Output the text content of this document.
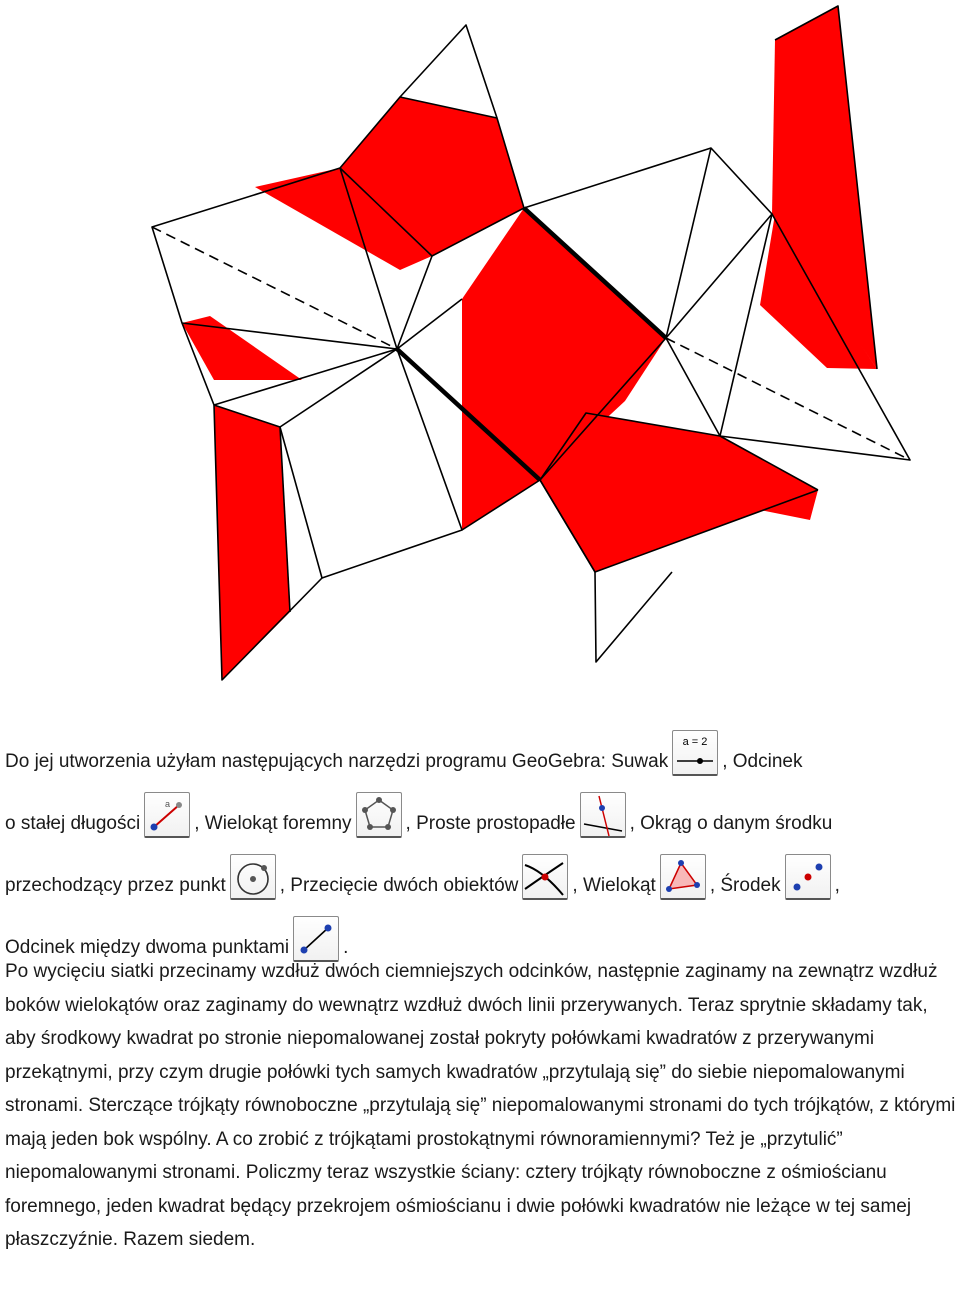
Do jej utworzenia użyłam następujących narzędzi programu GeoGebra: Suwak
a = 2
, Odcinek
o stałej długości
a
, Wielokąt foremny	, Proste prostopadłe	, Okrąg o danym środku
przechodzący przez punkt	, Przecięcie dwóch obiektów	, Wielokąt	, Środek	,
Odcinek między dwoma punktami	.

Po wycięciu siatki przecinamy wzdłuż dwóch ciemniejszych odcinków, następnie zaginamy na zewnątrz wzdłuż boków wielokątów oraz zaginamy do wewnątrz wzdłuż dwóch linii przerywanych. Teraz sprytnie składamy tak, aby środkowy kwadrat po stronie niepomalowanej został pokryty połówkami kwadratów z przerywanymi przekątnymi, przy czym drugie połówki tych samych kwadratów „przytulają się” do siebie niepomalowanymi stronami. Sterczące trójkąty równoboczne „przytulają się” niepomalowanymi stronami do tych trójkątów, z którymi mają jeden bok wspólny. A co zrobić z trójkątami prostokątnymi równoramiennymi? Też je „przytulić” niepomalowanymi stronami. Policzmy teraz wszystkie ściany: cztery trójkąty równoboczne z ośmiościanu foremnego, jeden kwadrat będący przekrojem ośmiościanu i dwie połówki kwadratów nie leżące w tej samej płaszczyźnie. Razem siedem.
